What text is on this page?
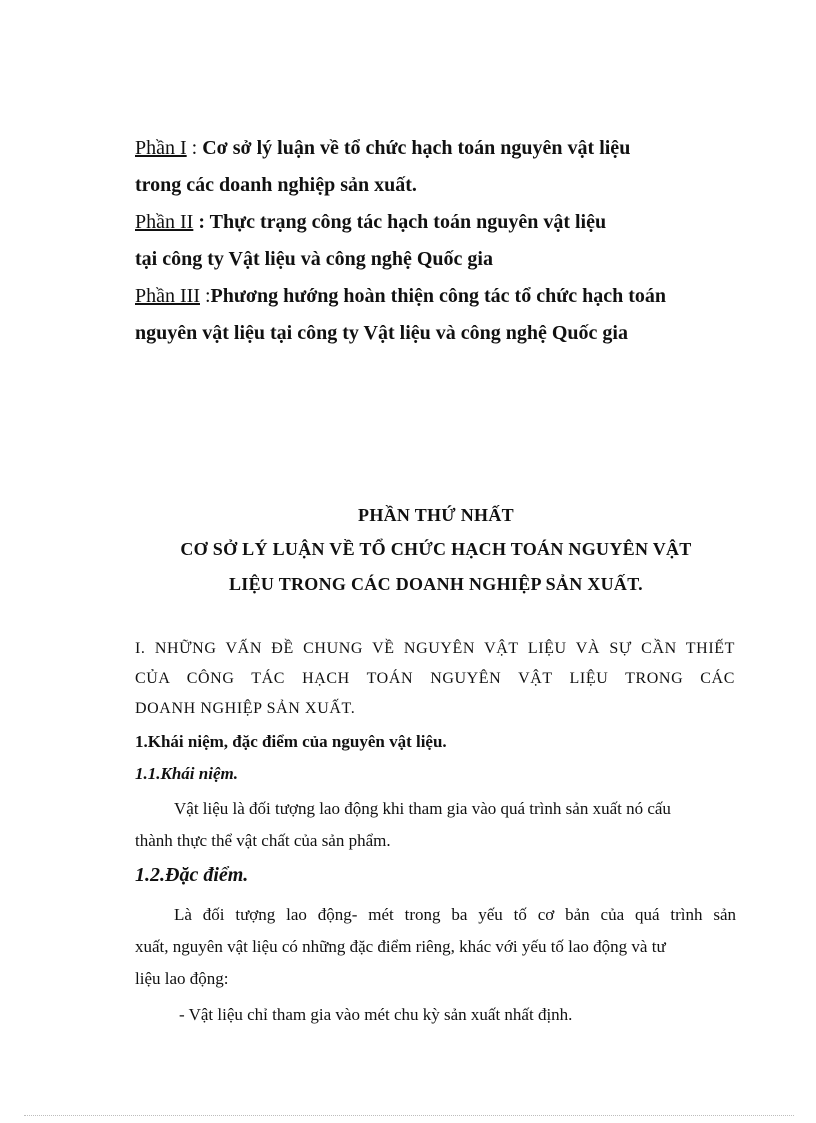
Phần I : Cơ sở lý luận về tổ chức hạch toán nguyên vật liệu
trong các doanh nghiệp sản xuất.
Phần II : Thực trạng công tác hạch toán nguyên vật liệu
tại công ty Vật liệu và công nghệ Quốc gia
Phần III :Phương hướng hoàn thiện công tác tổ chức hạch toán
nguyên vật liệu tại công ty Vật liệu và công nghệ Quốc gia
PHẦN THỨ NHẤT
CƠ SỞ LÝ LUẬN VỀ TỔ CHỨC HẠCH TOÁN NGUYÊN VẬT
LIỆU TRONG CÁC DOANH NGHIỆP SẢN XUẤT.
I. NHỮNG VẤN ĐỀ CHUNG VỀ NGUYÊN VẬT LIỆU VÀ SỰ CẦN THIẾT
CỦA CÔNG TÁC HẠCH TOÁN NGUYÊN VẬT LIỆU TRONG CÁC
DOANH NGHIỆP SẢN XUẤT.
1.Khái niệm, đặc điểm của nguyên vật liệu.
1.1.Khái niệm.
Vật liệu là đối tượng lao động khi tham gia vào quá trình sản xuất nó cấu
thành thực thể vật chất của sản phẩm.
1.2.Đặc điểm.
Là đối tượng lao động- mét trong ba yếu tố cơ bản của quá trình sản
xuất, nguyên vật liệu có những đặc điểm riêng, khác với yếu tố lao động và tư
liệu lao động:
- Vật liệu chỉ tham gia vào mét chu kỳ sản xuất nhất định.
